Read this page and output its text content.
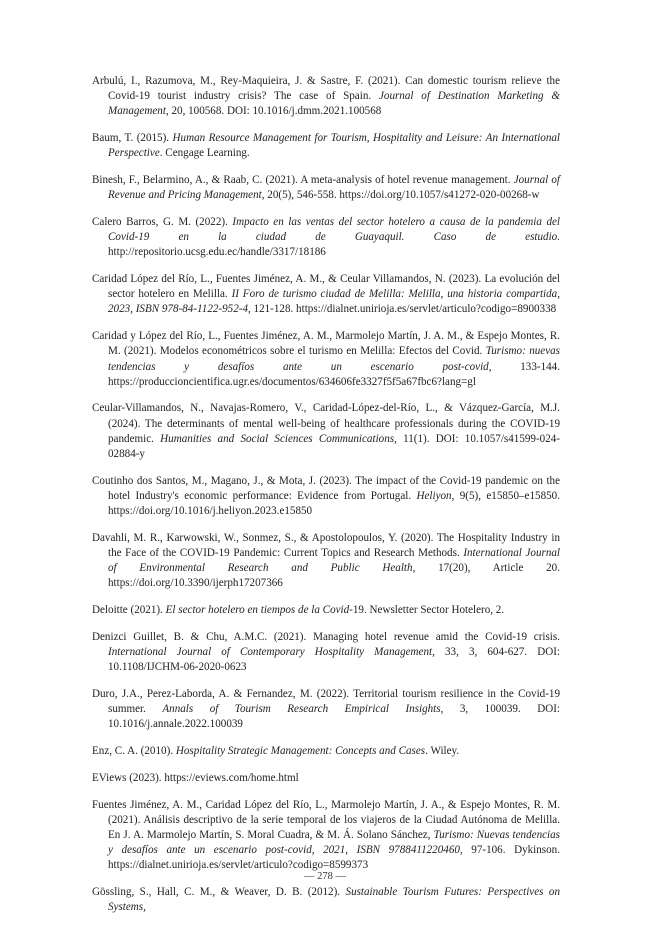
Arbulú, I., Razumova, M., Rey-Maquieira, J. & Sastre, F. (2021). Can domestic tourism relieve the Covid-19 tourist industry crisis? The case of Spain. Journal of Destination Marketing & Management, 20, 100568. DOI: 10.1016/j.dmm.2021.100568

Baum, T. (2015). Human Resource Management for Tourism, Hospitality and Leisure: An International Perspective. Cengage Learning.

Binesh, F., Belarmino, A., & Raab, C. (2021). A meta-analysis of hotel revenue management. Journal of Revenue and Pricing Management, 20(5), 546-558. https://doi.org/10.1057/s41272-020-00268-w

Calero Barros, G. M. (2022). Impacto en las ventas del sector hotelero a causa de la pandemia del Covid-19 en la ciudad de Guayaquil. Caso de estudio. http://repositorio.ucsg.edu.ec/handle/3317/18186

Caridad López del Río, L., Fuentes Jiménez, A. M., & Ceular Villamandos, N. (2023). La evolución del sector hotelero en Melilla. II Foro de turismo ciudad de Melilla: Melilla, una historia compartida, 2023, ISBN 978-84-1122-952-4, 121-128. https://dialnet.unirioja.es/servlet/articulo?codigo=8900338

Caridad y López del Río, L., Fuentes Jiménez, A. M., Marmolejo Martín, J. A. M., & Espejo Montes, R. M. (2021). Modelos econométricos sobre el turismo en Melilla: Efectos del Covid. Turismo: nuevas tendencias y desafíos ante un escenario post-covid, 133-144. https://produccioncientifica.ugr.es/documentos/634606fe3327f5f5a67fbc6?lang=gl

Ceular-Villamandos, N., Navajas-Romero, V., Caridad-López-del-Río, L., & Vázquez-García, M.J. (2024). The determinants of mental well-being of healthcare professionals during the COVID-19 pandemic. Humanities and Social Sciences Communications, 11(1). DOI: 10.1057/s41599-024-02884-y

Coutinho dos Santos, M., Magano, J., & Mota, J. (2023). The impact of the Covid-19 pandemic on the hotel Industry's economic performance: Evidence from Portugal. Heliyon, 9(5), e15850–e15850. https://doi.org/10.1016/j.heliyon.2023.e15850

Davahli, M. R., Karwowski, W., Sonmez, S., & Apostolopoulos, Y. (2020). The Hospitality Industry in the Face of the COVID-19 Pandemic: Current Topics and Research Methods. International Journal of Environmental Research and Public Health, 17(20), Article 20. https://doi.org/10.3390/ijerph17207366

Deloitte (2021). El sector hotelero en tiempos de la Covid-19. Newsletter Sector Hotelero, 2.

Denizci Guillet, B. & Chu, A.M.C. (2021). Managing hotel revenue amid the Covid-19 crisis. International Journal of Contemporary Hospitality Management, 33, 3, 604-627. DOI: 10.1108/IJCHM-06-2020-0623

Duro, J.A., Perez-Laborda, A. & Fernandez, M. (2022). Territorial tourism resilience in the Covid-19 summer. Annals of Tourism Research Empirical Insights, 3, 100039. DOI: 10.1016/j.annale.2022.100039

Enz, C. A. (2010). Hospitality Strategic Management: Concepts and Cases. Wiley.

EViews (2023). https://eviews.com/home.html

Fuentes Jiménez, A. M., Caridad López del Río, L., Marmolejo Martín, J. A., & Espejo Montes, R. M. (2021). Análisis descriptivo de la serie temporal de los viajeros de la Ciudad Autónoma de Melilla. En J. A. Marmolejo Martín, S. Moral Cuadra, & M. Á. Solano Sánchez, Turismo: Nuevas tendencias y desafíos ante un escenario post-covid, 2021, ISBN 9788411220460, 97-106. Dykinson. https://dialnet.unirioja.es/servlet/articulo?codigo=8599373

Gössling, S., Hall, C. M., & Weaver, D. B. (2012). Sustainable Tourism Futures: Perspectives on Systems,

— 278 —
